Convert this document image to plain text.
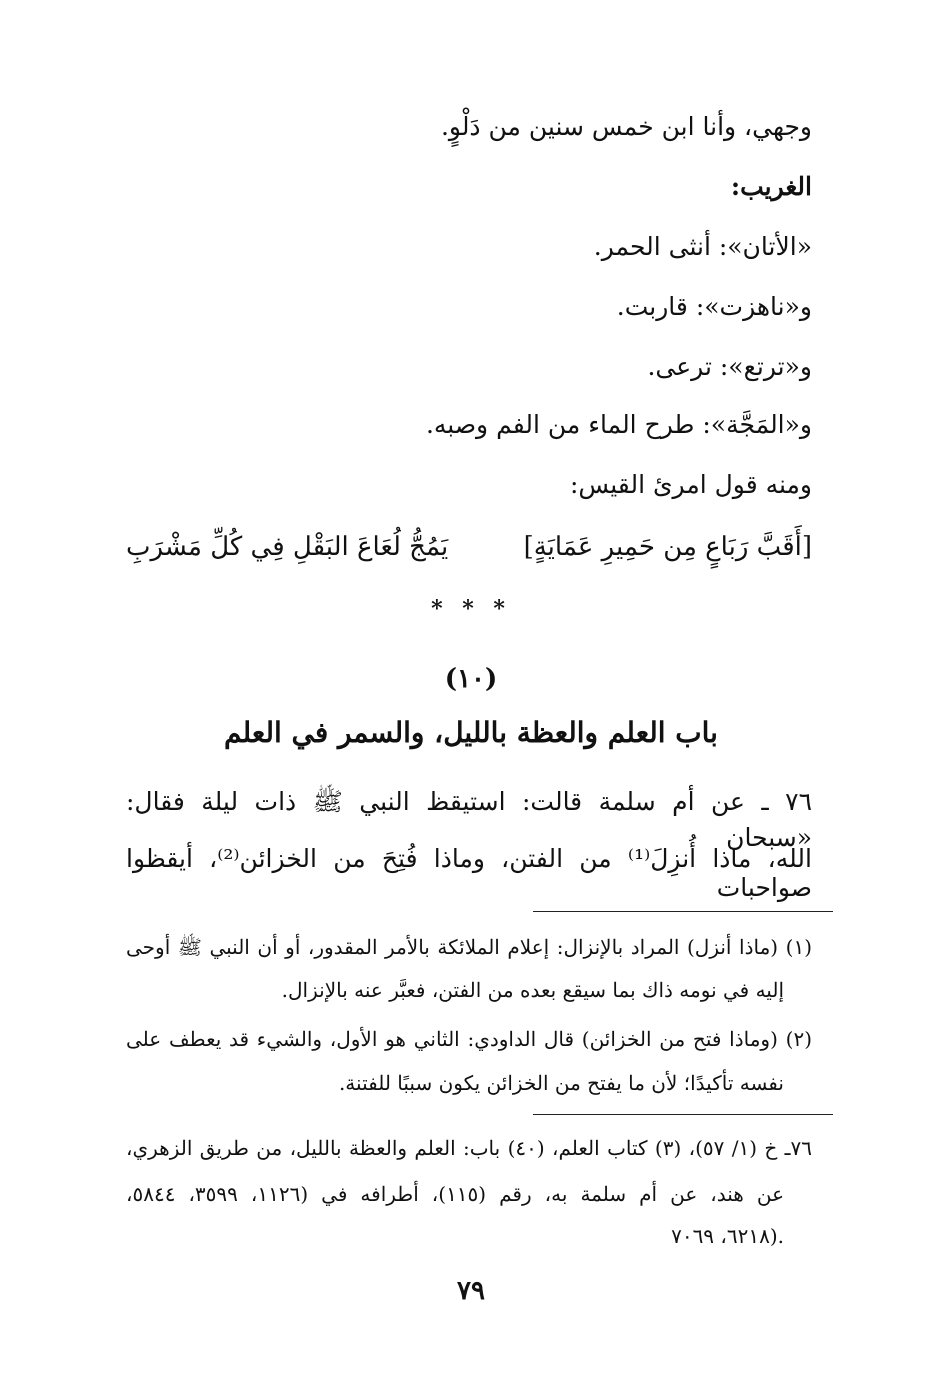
وجهي، وأنا ابن خمس سنين من دَلْوٍ.

الغريب:

«الأتان»: أنثى الحمر.

و«ناهزت»: قاربت.

و«ترتع»: ترعى.

و«المَجَّة»: طرح الماء من الفم وصبه.

ومنه قول امرئ القيس:

[أَقَبَّ رَبَاعٍ مِن حَمِيرِ عَمَايَةٍ]
يَمُجُّ لُعَاعَ البَقْلِ فِي كُلِّ مَشْرَبِ

* * *

(١٠)

باب العلم والعظة بالليل، والسمر في العلم

٧٦ ـ عن أم سلمة قالت: استيقظ النبي ﷺ ذات ليلة فقال: «سبحان

الله، ماذا أُنزِلَ⁽¹⁾ من الفتن، وماذا فُتِحَ من الخزائن⁽²⁾، أيقظوا صواحبات

(١) (ماذا أنزل) المراد بالإنزال: إعلام الملائكة بالأمر المقدور، أو أن النبي ﷺ أوحى

إليه في نومه ذاك بما سيقع بعده من الفتن، فعبَّر عنه بالإنزال.

(٢) (وماذا فتح من الخزائن) قال الداودي: الثاني هو الأول، والشيء قد يعطف على

نفسه تأكيدًا؛ لأن ما يفتح من الخزائن يكون سببًا للفتنة.

٧٦ـ خ (١/ ٥٧)، (٣) كتاب العلم، (٤٠) باب: العلم والعظة بالليل، من طريق الزهري،

عن هند، عن أم سلمة به، رقم (١١٥)، أطرافه في (١١٢٦، ٣٥٩٩، ٥٨٤٤،

٦٢١٨، ٧٠٦٩).

٧٩
